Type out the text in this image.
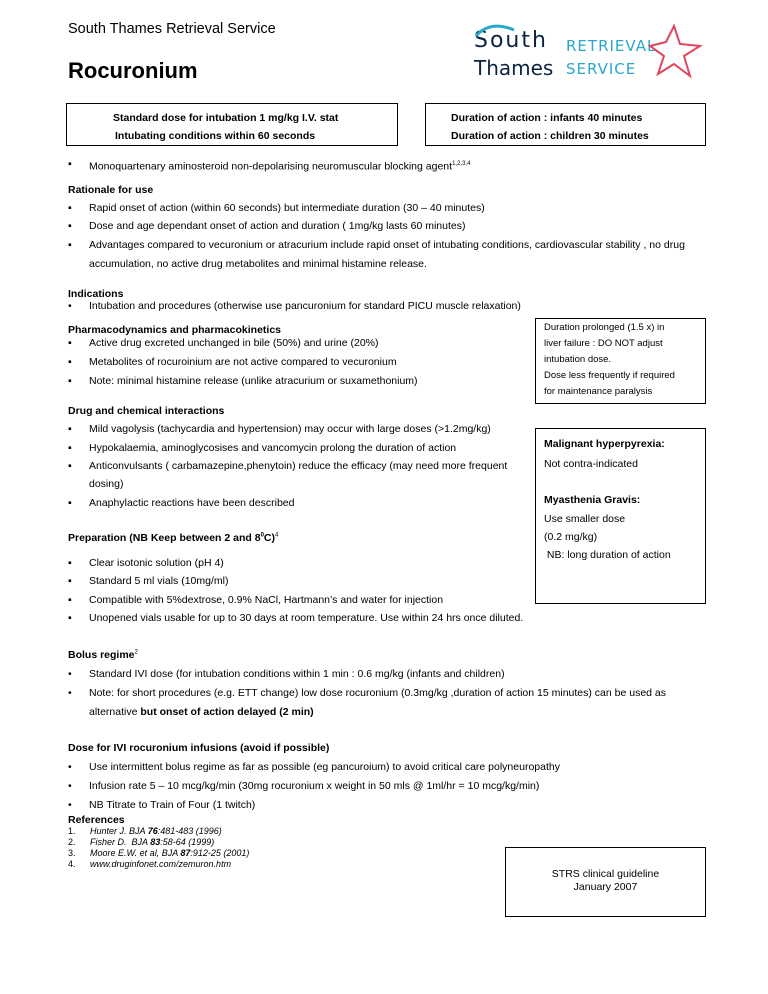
South Thames Retrieval Service
Rocuronium
South
Thames
RETRIEVAL
SERVICE
Standard dose for intubation 1 mg/kg I.V. stat
Intubating conditions within 60 seconds
Duration of action : infants 40 minutes
Duration of action : children 30 minutes
▪	Monoquartenary aminosteroid non-depolarising neuromuscular blocking agent$^{1,2,3,4}$
Rationale for use
▪	Rapid onset of action (within 60 seconds) but intermediate duration (30 – 40 minutes)
▪	Dose and age dependant onset of action and duration ( 1mg/kg lasts 60 minutes)
▪	Advantages compared to vecuronium or atracurium include rapid onset of intubating conditions, cardiovascular stability , no drug
accumulation, no active drug metabolites and minimal histamine release.
Indications
•	Intubation and procedures (otherwise use pancuronium for standard PICU muscle relaxation)
Pharmacodynamics and pharmacokinetics
▪	Active drug excreted unchanged in bile (50%) and urine (20%)
▪	Metabolites of rocuroinium are not active compared to vecuronium
▪	Note: minimal histamine release (unlike atracurium or suxamethonium)
Duration prolonged (1.5 x) in
liver failure : DO NOT adjust
intubation dose.
Dose less frequently if required
for maintenance paralysis
Drug and chemical interactions
▪	Mild vagolysis (tachycardia and hypertension) may occur with large doses (>1.2mg/kg)
▪	Hypokalaemia, aminoglycosises and vancomycin prolong the duration of action
▪	Anticonvulsants ( carbamazepine,phenytoin) reduce the efficacy (may need more frequent
dosing)
▪	Anaphylactic reactions have been described
Malignant hyperpyrexia:
Not contra-indicated
Myasthenia Gravis:
Use smaller dose
(0.2 mg/kg)
NB: long duration of action
Preparation (NB Keep between 2 and $8^0C)^4$
▪	Clear isotonic solution (pH 4)
▪	Standard 5 ml vials (10mg/ml)
▪	Compatible with 5%dextrose, 0.9% NaCl, Hartmann’s and water for injection
▪	Unopened vials usable for up to 30 days at room temperature. Use within 24 hrs once diluted.
Bolus regime$^2$
•	Standard IVI dose (for intubation conditions within 1 min : 0.6 mg/kg (infants and children)
•	Note: for short procedures (e.g. ETT change) low dose rocuronium (0.3mg/kg ,duration of action 15 minutes) can be used as
alternative but onset of action delayed (2 min)
Dose for IVI rocuronium infusions (avoid if possible)
•	Use intermittent bolus regime as far as possible (eg pancuroium) to avoid critical care polyneuropathy
•	Infusion rate 5 – 10 mcg/kg/min (30mg rocuronium x weight in 50 mls @ 1ml/hr = 10 mcg/kg/min)
•	NB Titrate to Train of Four (1 twitch)
References
1. Hunter J. BJA 76:481-483 (1996)
2. Fisher D.  BJA 83:58-64 (1999)
3. Moore E.W. et al, BJA 87:912-25 (2001)
4. www.druginfonet.com/zemuron.htm
STRS clinical guideline
January 2007
